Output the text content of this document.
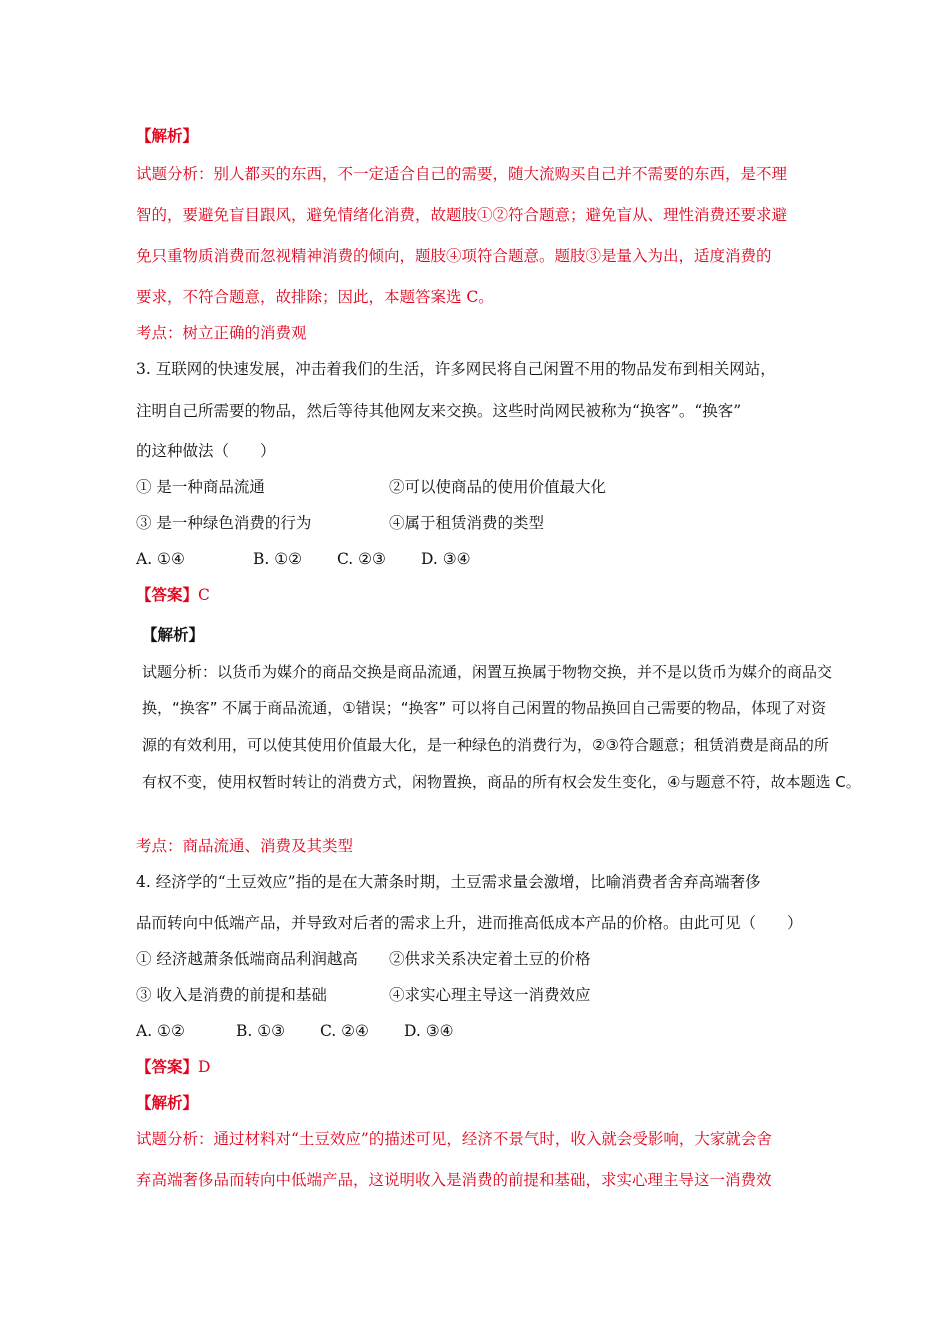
【解析】
试题分析：别人都买的东西，不一定适合自己的需要，随大流购买自己并不需要的东西，是不理
智的，要避免盲目跟风，避免情绪化消费，故题肢①②符合题意；避免盲从、理性消费还要求避
免只重物质消费而忽视精神消费的倾向，题肢④项符合题意。题肢③是量入为出，适度消费的
要求，不符合题意，故排除；因此，本题答案选 C。
考点：树立正确的消费观
3. 互联网的快速发展，冲击着我们的生活，许多网民将自己闲置不用的物品发布到相关网站，
注明自己所需要的物品，然后等待其他网友来交换。这些时尚网民被称为“换客”。“换客”
的这种做法（　　）
① 是一种商品流通	②可以使商品的使用价值最大化
③ 是一种绿色消费的行为	④属于租赁消费的类型
A. ①④	B. ①② C. ②③ D. ③④
【答案】C
【解析】
试题分析：以货币为媒介的商品交换是商品流通，闲置互换属于物物交换，并不是以货币为媒介的商品交
换，“换客” 不属于商品流通，①错误；“换客” 可以将自己闲置的物品换回自己需要的物品，体现了对资
源的有效利用，可以使其使用价值最大化，是一种绿色的消费行为，②③符合题意；租赁消费是商品的所
有权不变，使用权暂时转让的消费方式，闲物置换，商品的所有权会发生变化，④与题意不符，故本题选 C。
考点：商品流通、消费及其类型
4. 经济学的“土豆效应”指的是在大萧条时期，土豆需求量会激增，比喻消费者舍弃高端奢侈
品而转向中低端产品，并导致对后者的需求上升，进而推高低成本产品的价格。由此可见（　　）
① 经济越萧条低端商品利润越高 ②供求关系决定着土豆的价格
③ 收入是消费的前提和基础	④求实心理主导这一消费效应
A. ①②	B. ①③ C. ②④ D. ③④
【答案】D
【解析】
试题分析：通过材料对“土豆效应”的描述可见，经济不景气时，收入就会受影响，大家就会舍
弃高端奢侈品而转向中低端产品，这说明收入是消费的前提和基础，求实心理主导这一消费效
